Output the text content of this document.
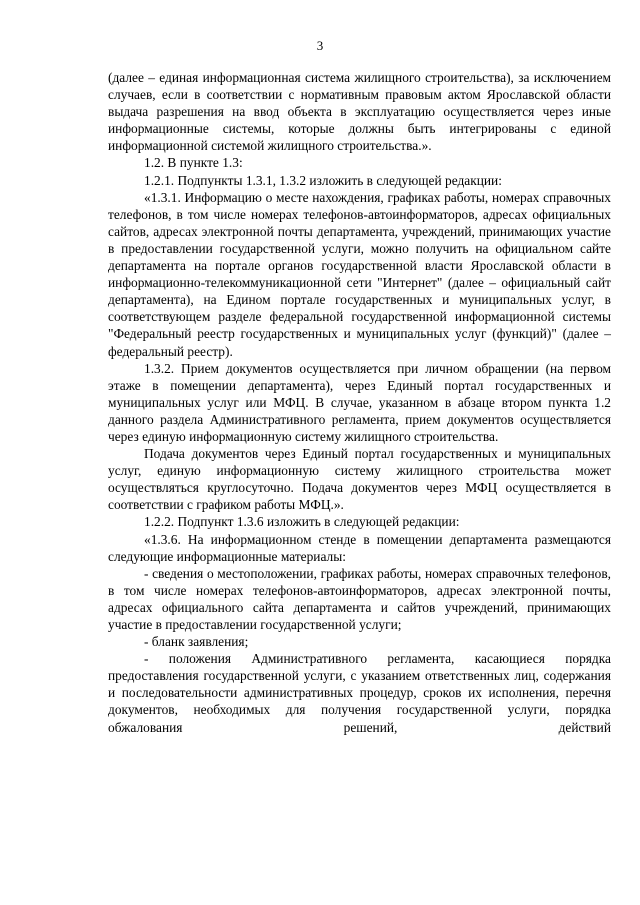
3

(далее – единая информационная система жилищного строительства), за исключением случаев, если в соответствии с нормативным правовым актом Ярославской области выдача разрешения на ввод объекта в эксплуатацию осуществляется через иные информационные системы, которые должны быть интегрированы с единой информационной системой жилищного строительства.».

1.2. В пункте 1.3:

1.2.1. Подпункты 1.3.1, 1.3.2 изложить в следующей редакции:

«1.3.1. Информацию о месте нахождения, графиках работы, номерах справочных телефонов, в том числе номерах телефонов-автоинформаторов, адресах официальных сайтов, адресах электронной почты департамента, учреждений, принимающих участие в предоставлении государственной услуги, можно получить на официальном сайте департамента на портале органов государственной власти Ярославской области в информационно-телекоммуникационной сети "Интернет" (далее – официальный сайт департамента), на Едином портале государственных и муниципальных услуг, в соответствующем разделе федеральной государственной информационной системы "Федеральный реестр государственных и муниципальных услуг (функций)" (далее – федеральный реестр).

1.3.2. Прием документов осуществляется при личном обращении (на первом этаже в помещении департамента), через Единый портал государственных и муниципальных услуг или МФЦ. В случае, указанном в абзаце втором пункта 1.2 данного раздела Административного регламента, прием документов осуществляется через единую информационную систему жилищного строительства.

Подача документов через Единый портал государственных и муниципальных услуг, единую информационную систему жилищного строительства может осуществляться круглосуточно. Подача документов через МФЦ осуществляется в соответствии с графиком работы МФЦ.».

1.2.2. Подпункт 1.3.6 изложить в следующей редакции:

«1.3.6. На информационном стенде в помещении департамента размещаются следующие информационные материалы:

- сведения о местоположении, графиках работы, номерах справочных телефонов, в том числе номерах телефонов-автоинформаторов, адресах электронной почты, адресах официального сайта департамента и сайтов учреждений, принимающих участие в предоставлении государственной услуги;

- бланк заявления;

- положения Административного регламента, касающиеся порядка предоставления государственной услуги, с указанием ответственных лиц, содержания и последовательности административных процедур, сроков их исполнения, перечня документов, необходимых для получения государственной услуги, порядка обжалования решений, действий
